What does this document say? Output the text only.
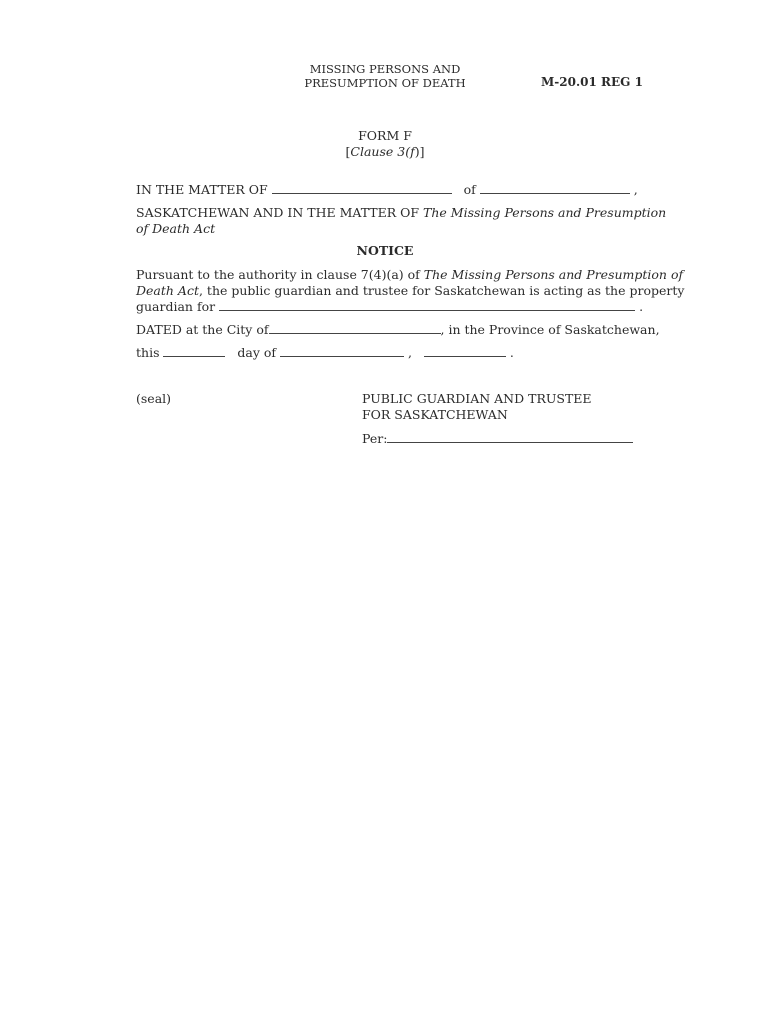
MISSING PERSONS AND
PRESUMPTION OF DEATH	M-20.01 REG 1
FORM F
[Clause 3(f)]
IN THE MATTER OF	of	,
SASKATCHEWAN AND IN THE MATTER OF The Missing Persons and Presumption
of Death Act
NOTICE
Pursuant to the authority in clause 7(4)(a) of The Missing Persons and Presumption of
Death Act, the public guardian and trustee for Saskatchewan is acting as the property
guardian for	.
DATED at the City of	, in the Province of Saskatchewan,
this	day of	,	.
(seal)	PUBLIC GUARDIAN AND TRUSTEE
FOR SASKATCHEWAN
Per:
